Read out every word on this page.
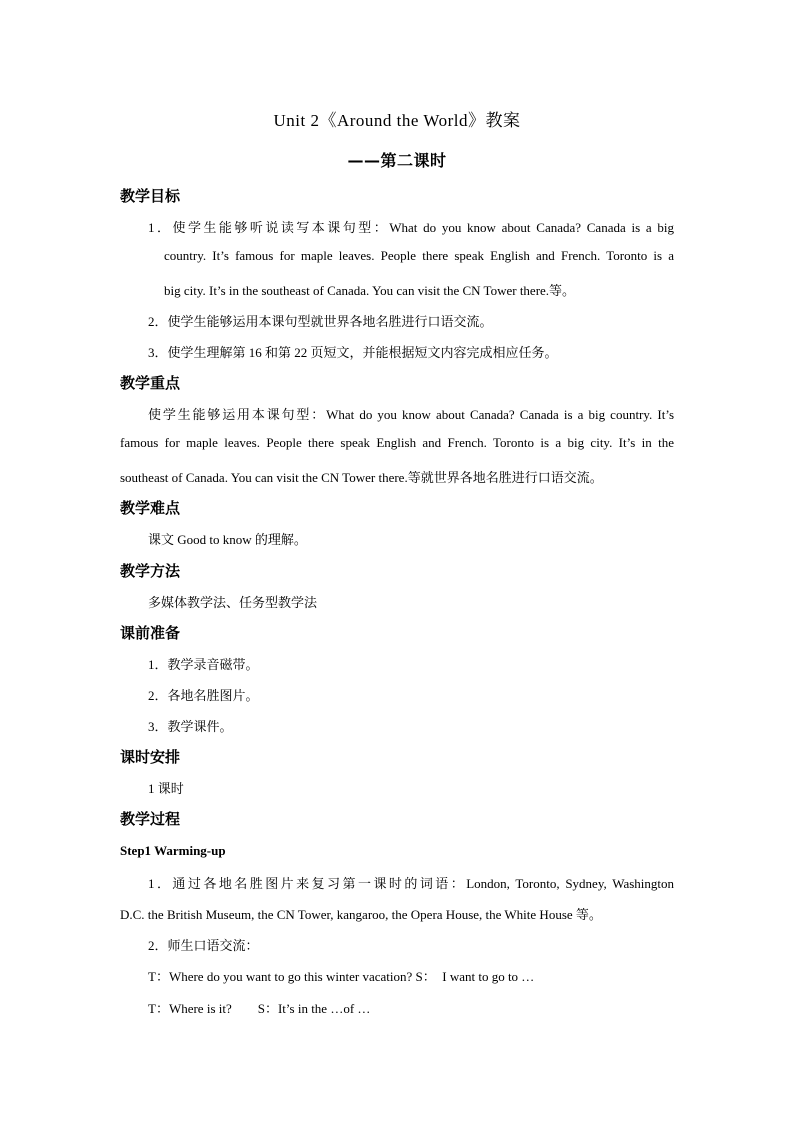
Unit 2《Around the World》教案
——第二课时
教学目标
1．使学生能够听说读写本课句型：What do you know about Canada? Canada is a big
country. It’s famous for maple leaves. People there speak English and French. Toronto is a
big city. It’s in the southeast of Canada. You can visit the CN Tower there.等。
2．使学生能够运用本课句型就世界各地名胜进行口语交流。
3．使学生理解第 16 和第 22 页短文，并能根据短文内容完成相应任务。
教学重点
使学生能够运用本课句型：What do you know about Canada? Canada is a big country. It’s
famous for maple leaves. People there speak English and French. Toronto is a big city. It’s in the
southeast of Canada. You can visit the CN Tower there.等就世界各地名胜进行口语交流。
教学难点
课文 Good to know 的理解。
教学方法
多媒体教学法、任务型教学法
课前准备
1．教学录音磁带。
2．各地名胜图片。
3．教学课件。
课时安排
1 课时
教学过程
Step1 Warming-up
1．通过各地名胜图片来复习第一课时的词语：London, Toronto, Sydney, Washington
D.C. the British Museum, the CN Tower, kangaroo, the Opera House, the White House 等。
2．师生口语交流：
T：Where do you want to go this winter vacation? S：  I want to go to …
T：Where is it?        S：It’s in the …of …
